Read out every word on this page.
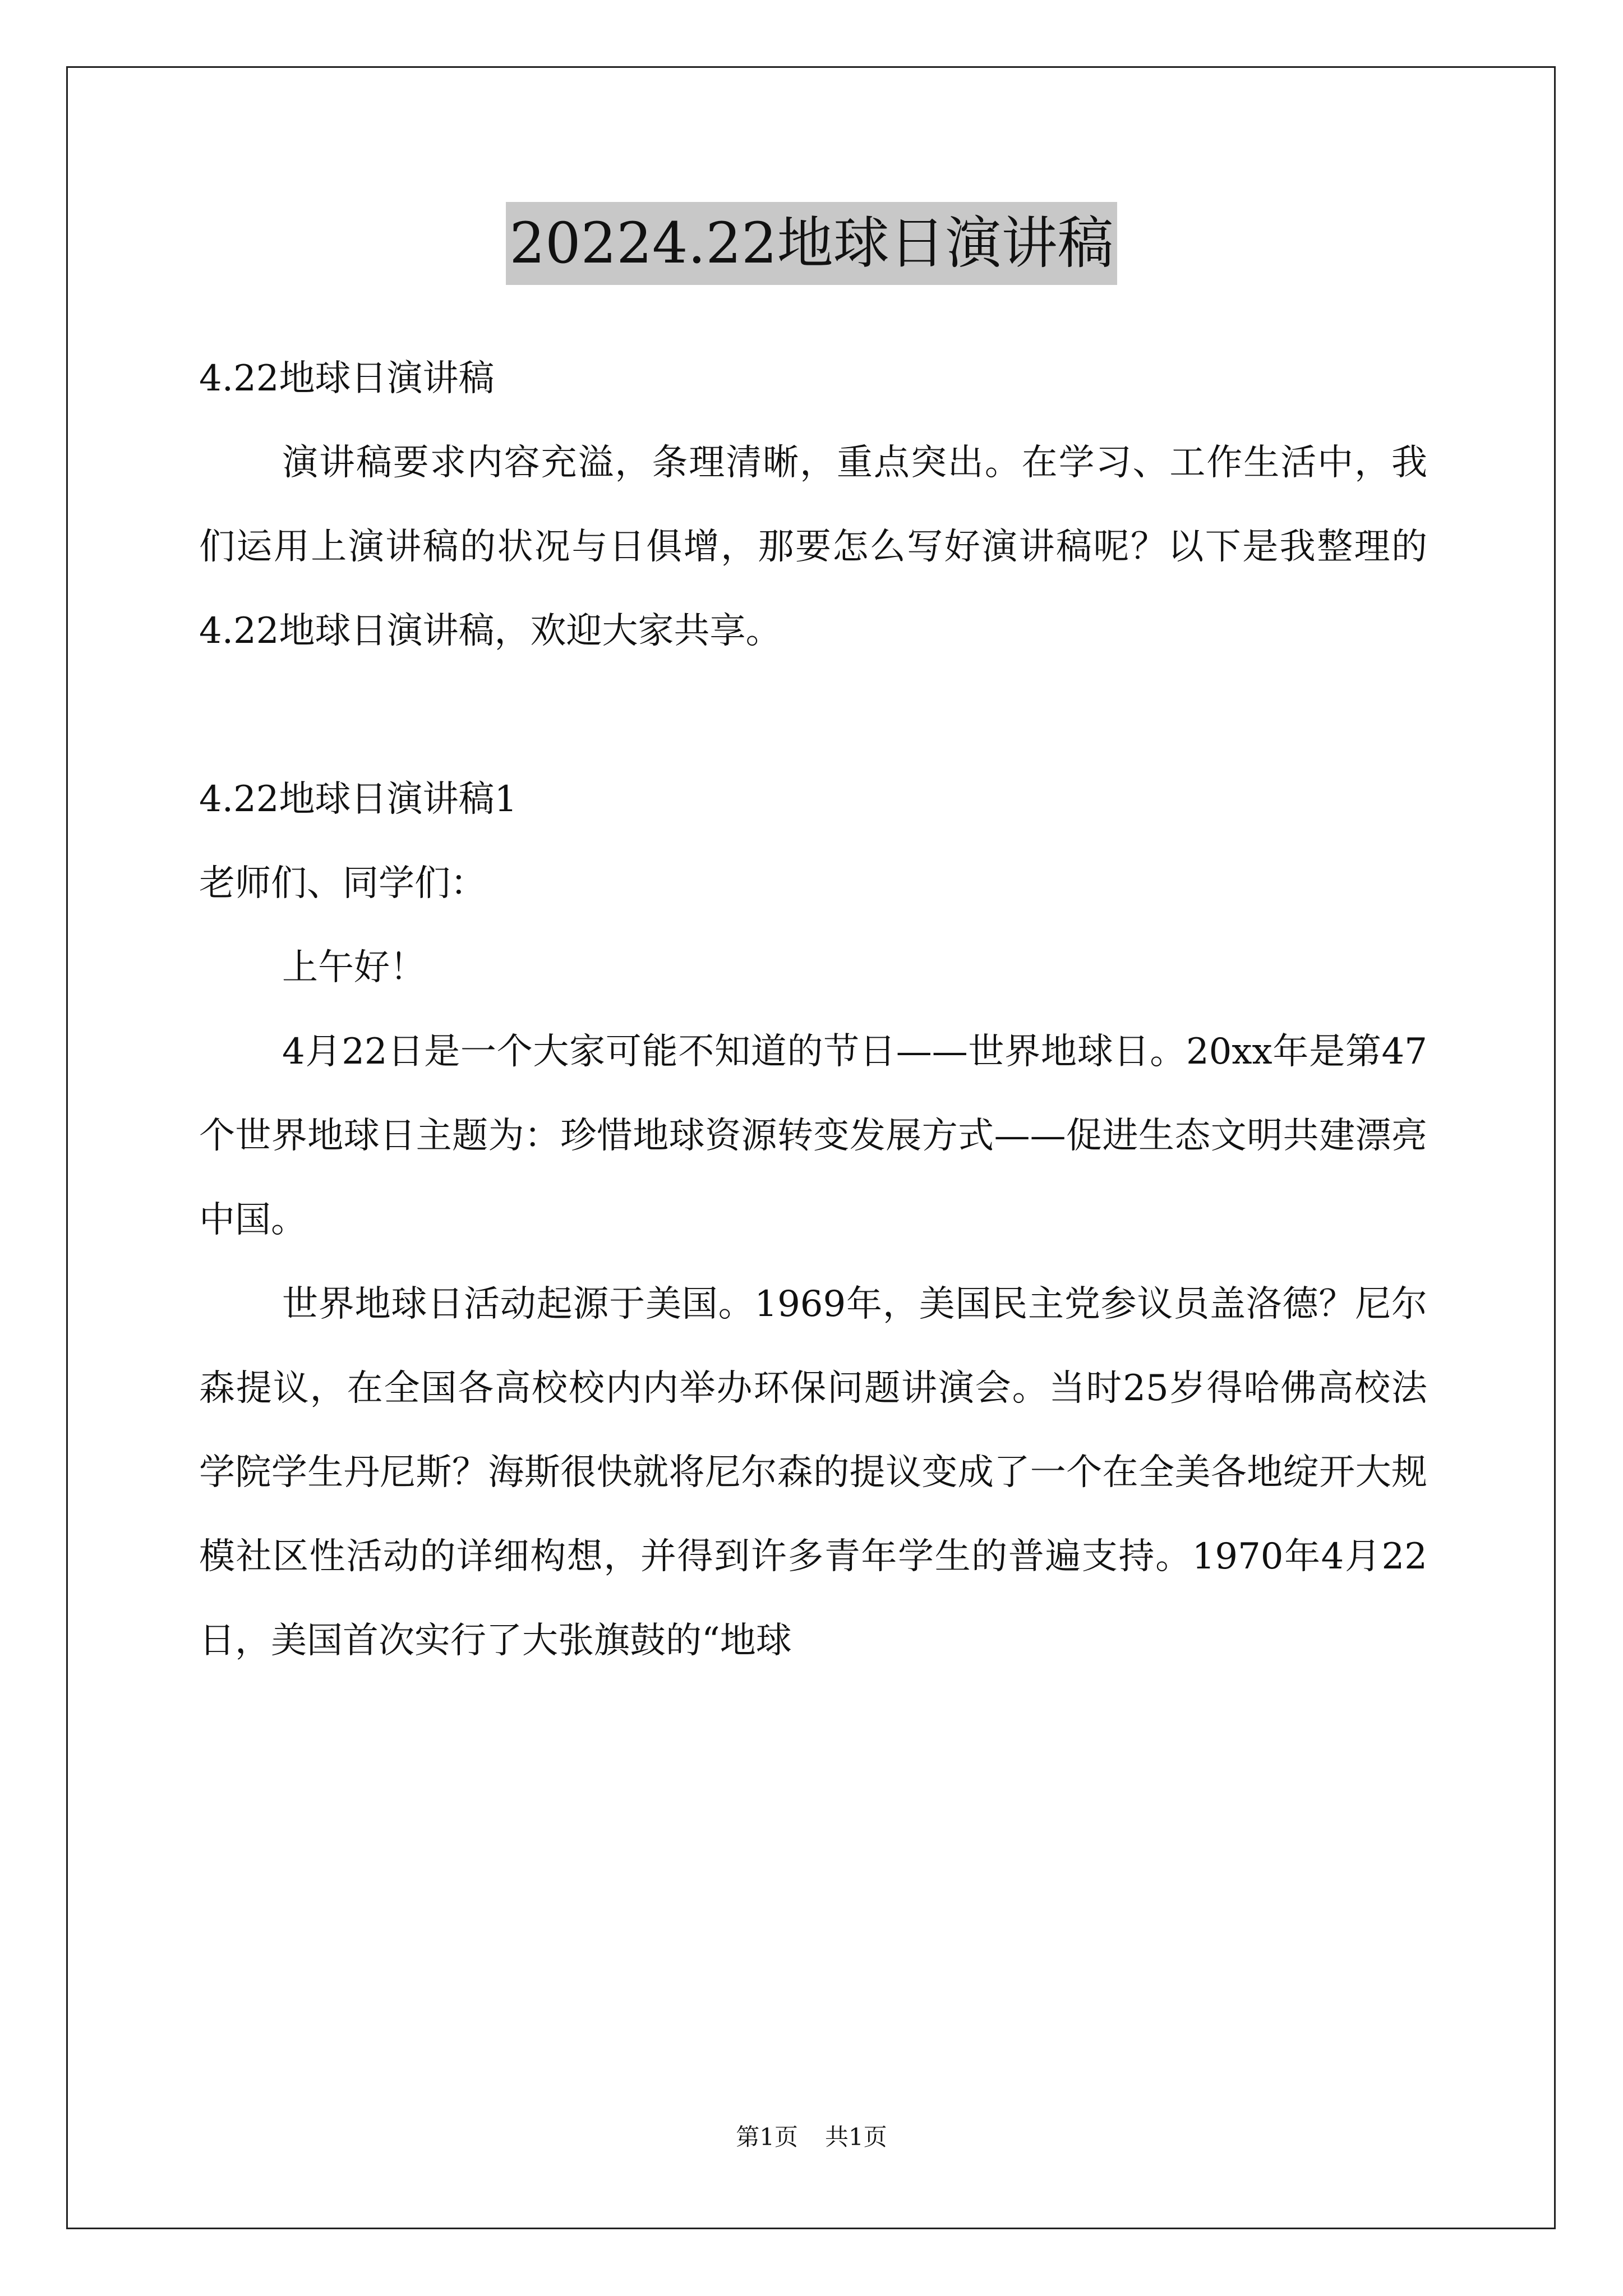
20224.22地球日演讲稿

4.22地球日演讲稿

演讲稿要求内容充溢，条理清晰，重点突出。在学习、工作生活中，我们运用上演讲稿的状况与日俱增，那要怎么写好演讲稿呢？以下是我整理的4.22地球日演讲稿，欢迎大家共享。

4.22地球日演讲稿1

老师们、同学们：

上午好！

4月22日是一个大家可能不知道的节日——世界地球日。20xx年是第47个世界地球日主题为：珍惜地球资源转变发展方式——促进生态文明共建漂亮中国。

世界地球日活动起源于美国。1969年，美国民主党参议员盖洛德？尼尔森提议，在全国各高校校内内举办环保问题讲演会。当时25岁得哈佛高校法学院学生丹尼斯？海斯很快就将尼尔森的提议变成了一个在全美各地绽开大规模社区性活动的详细构想，并得到许多青年学生的普遍支持。1970年4月22日，美国首次实行了大张旗鼓的“地球

第1页 共1页
